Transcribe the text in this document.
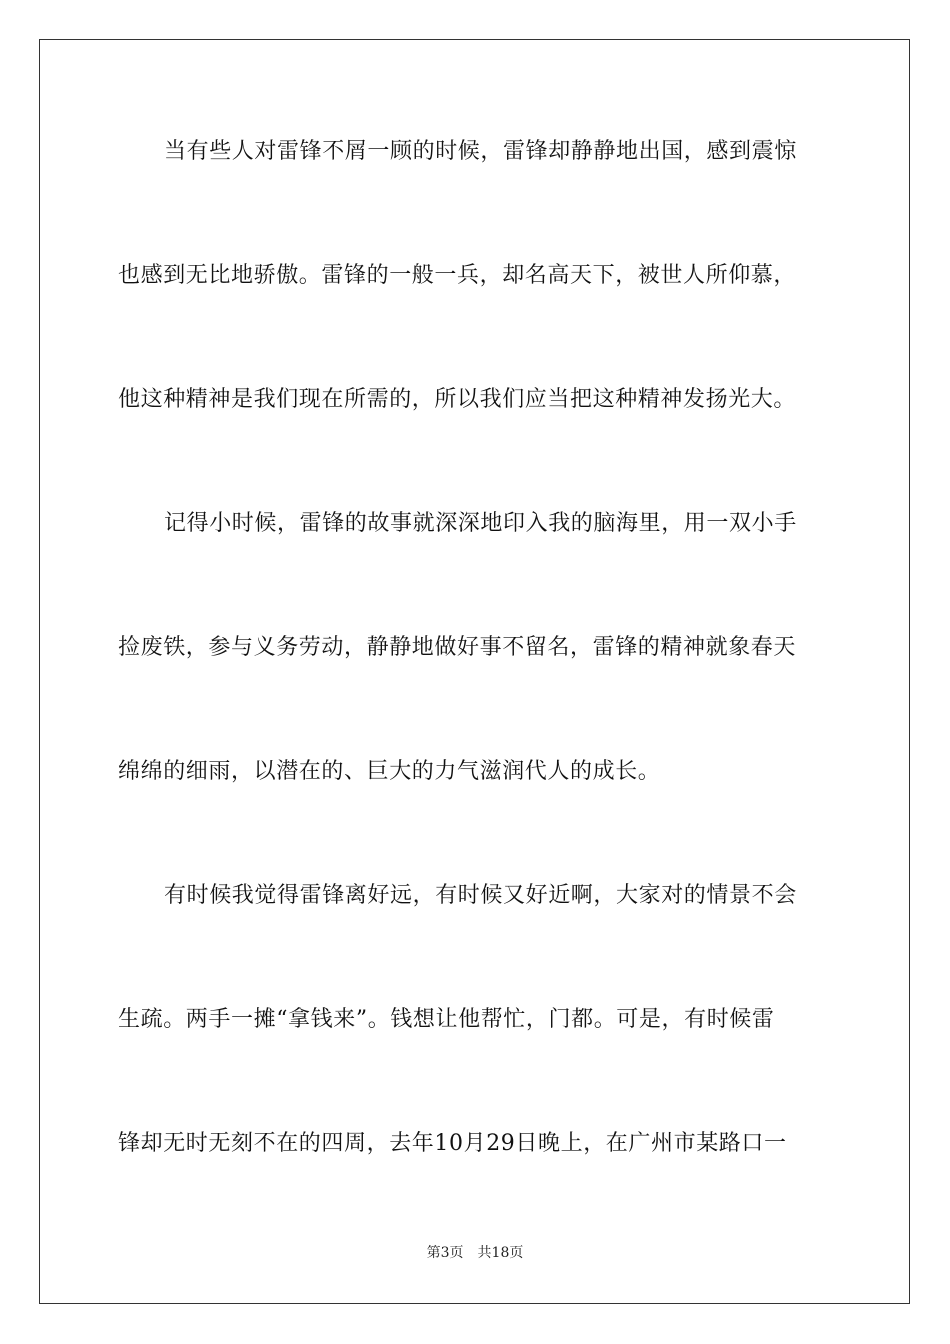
当有些人对雷锋不屑一顾的时候，雷锋却静静地出国，感到震惊
也感到无比地骄傲。雷锋的一般一兵，却名高天下，被世人所仰慕，
他这种精神是我们现在所需的，所以我们应当把这种精神发扬光大。
记得小时候，雷锋的故事就深深地印入我的脑海里，用一双小手
捡废铁，参与义务劳动，静静地做好事不留名，雷锋的精神就象春天
绵绵的细雨，以潜在的、巨大的力气滋润代人的成长。
有时候我觉得雷锋离好远，有时候又好近啊，大家对的情景不会
生疏。两手一摊“拿钱来”。钱想让他帮忙，门都。可是，有时候雷
锋却无时无刻不在的四周，去年10月29日晚上，在广州市某路口一
第3页 共18页
